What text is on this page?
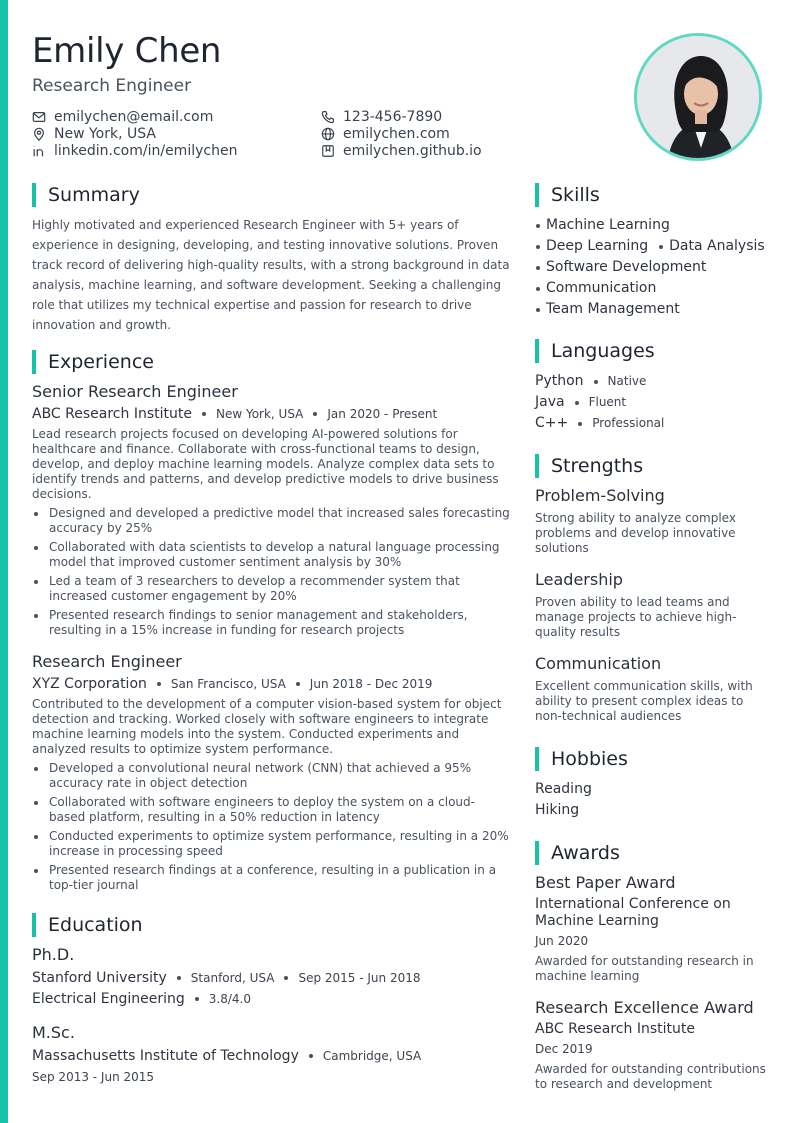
Emily Chen
Research Engineer
emilychen@email.com	123-456-7890
New York, USA	emilychen.com
linkedin.com/in/emilychen	emilychen.github.io
Summary
Highly motivated and experienced Research Engineer with 5+ years of experience in designing, developing, and testing innovative solutions. Proven track record of delivering high-quality results, with a strong background in data analysis, machine learning, and software development. Seeking a challenging role that utilizes my technical expertise and passion for research to drive innovation and growth.
Experience
Senior Research Engineer
ABC Research Institute New York, USA Jan 2020 - Present
Lead research projects focused on developing AI-powered solutions for healthcare and finance. Collaborate with cross-functional teams to design, develop, and deploy machine learning models. Analyze complex data sets to identify trends and patterns, and develop predictive models to drive business decisions.
Designed and developed a predictive model that increased sales forecasting accuracy by 25%
Collaborated with data scientists to develop a natural language processing model that improved customer sentiment analysis by 30%
Led a team of 3 researchers to develop a recommender system that increased customer engagement by 20%
Presented research findings to senior management and stakeholders, resulting in a 15% increase in funding for research projects
Research Engineer
XYZ Corporation San Francisco, USA Jun 2018 - Dec 2019
Contributed to the development of a computer vision-based system for object detection and tracking. Worked closely with software engineers to integrate machine learning models into the system. Conducted experiments and analyzed results to optimize system performance.
Developed a convolutional neural network (CNN) that achieved a 95% accuracy rate in object detection
Collaborated with software engineers to deploy the system on a cloud-based platform, resulting in a 50% reduction in latency
Conducted experiments to optimize system performance, resulting in a 20% increase in processing speed
Presented research findings at a conference, resulting in a publication in a top-tier journal
Education
Ph.D.
Stanford University Stanford, USA Sep 2015 - Jun 2018
Electrical Engineering 3.8/4.0
M.Sc.
Massachusetts Institute of Technology Cambridge, USA
Sep 2013 - Jun 2015
Skills
Machine Learning
Deep Learning Data Analysis
Software Development
Communication
Team Management
Languages
Python Native
Java Fluent
C++ Professional
Strengths
Problem-Solving
Strong ability to analyze complex problems and develop innovative solutions
Leadership
Proven ability to lead teams and manage projects to achieve high-quality results
Communication
Excellent communication skills, with ability to present complex ideas to non-technical audiences
Hobbies
Reading
Hiking
Awards
Best Paper Award
International Conference on Machine Learning
Jun 2020
Awarded for outstanding research in machine learning
Research Excellence Award
ABC Research Institute
Dec 2019
Awarded for outstanding contributions to research and development
